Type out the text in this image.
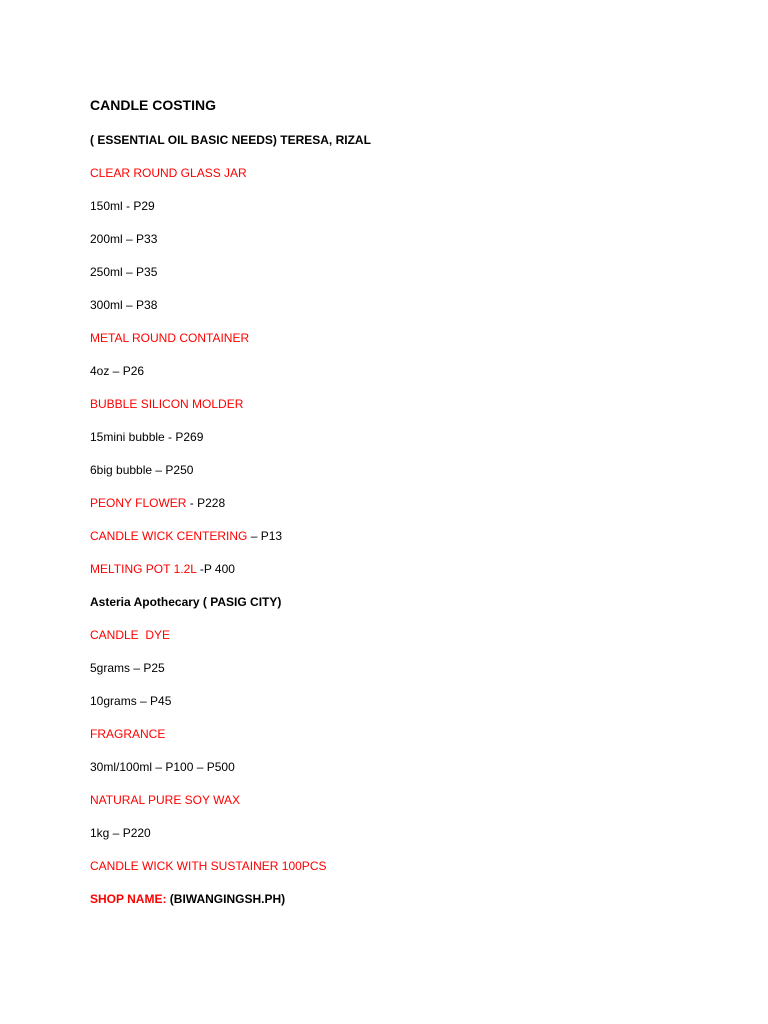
CANDLE COSTING
( ESSENTIAL OIL BASIC NEEDS) TERESA, RIZAL
CLEAR ROUND GLASS JAR
150ml - P29
200ml – P33
250ml – P35
300ml – P38
METAL ROUND CONTAINER
4oz – P26
BUBBLE SILICON MOLDER
15mini bubble - P269
6big bubble – P250
PEONY FLOWER - P228
CANDLE WICK CENTERING – P13
MELTING POT 1.2L -P 400
Asteria Apothecary ( PASIG CITY)
CANDLE  DYE
5grams – P25
10grams – P45
FRAGRANCE
30ml/100ml – P100 – P500
NATURAL PURE SOY WAX
1kg – P220
CANDLE WICK WITH SUSTAINER 100PCS
SHOP NAME: (BIWANGINGSH.PH)
